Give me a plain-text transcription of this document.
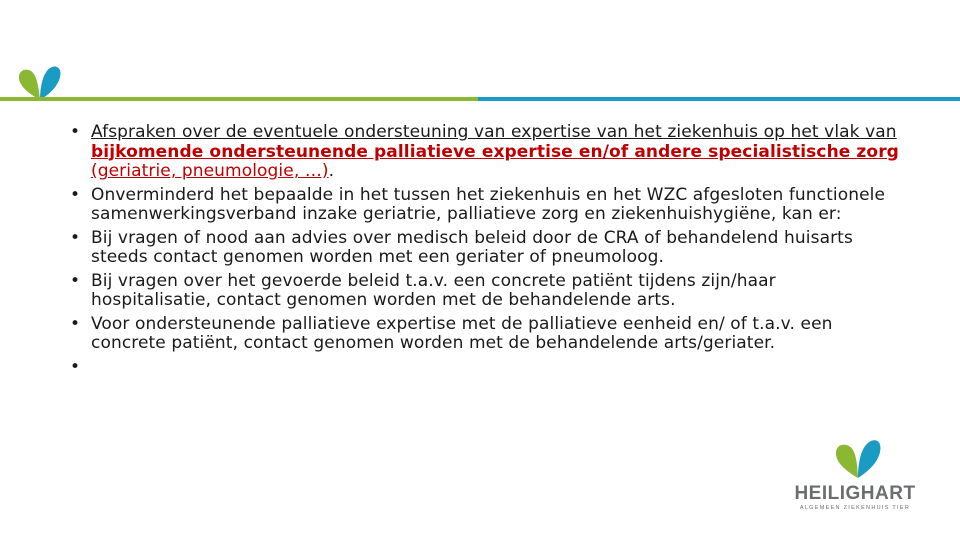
• Afspraken over de eventuele ondersteuning van expertise van het ziekenhuis op het vlak van bijkomende ondersteunende palliatieve expertise en/of andere specialistische zorg (geriatrie, pneumologie, …).
• Onverminderd het bepaalde in het tussen het ziekenhuis en het WZC afgesloten functionele samenwerkingsverband inzake geriatrie, palliatieve zorg en ziekenhuishygiëne, kan er:
• Bij vragen of nood aan advies over medisch beleid door de CRA of behandelend huisarts steeds contact genomen worden met een geriater of pneumoloog.
• Bij vragen over het gevoerde beleid t.a.v. een concrete patiënt tijdens zijn/haar hospitalisatie, contact genomen worden met de behandelende arts.
• Voor ondersteunende palliatieve expertise met de palliatieve eenheid en/ of t.a.v. een concrete patiënt, contact genomen worden met de behandelende arts/geriater.
•

HEILIGHART
ALGEMEEN ZIEKENHUIS TIER
